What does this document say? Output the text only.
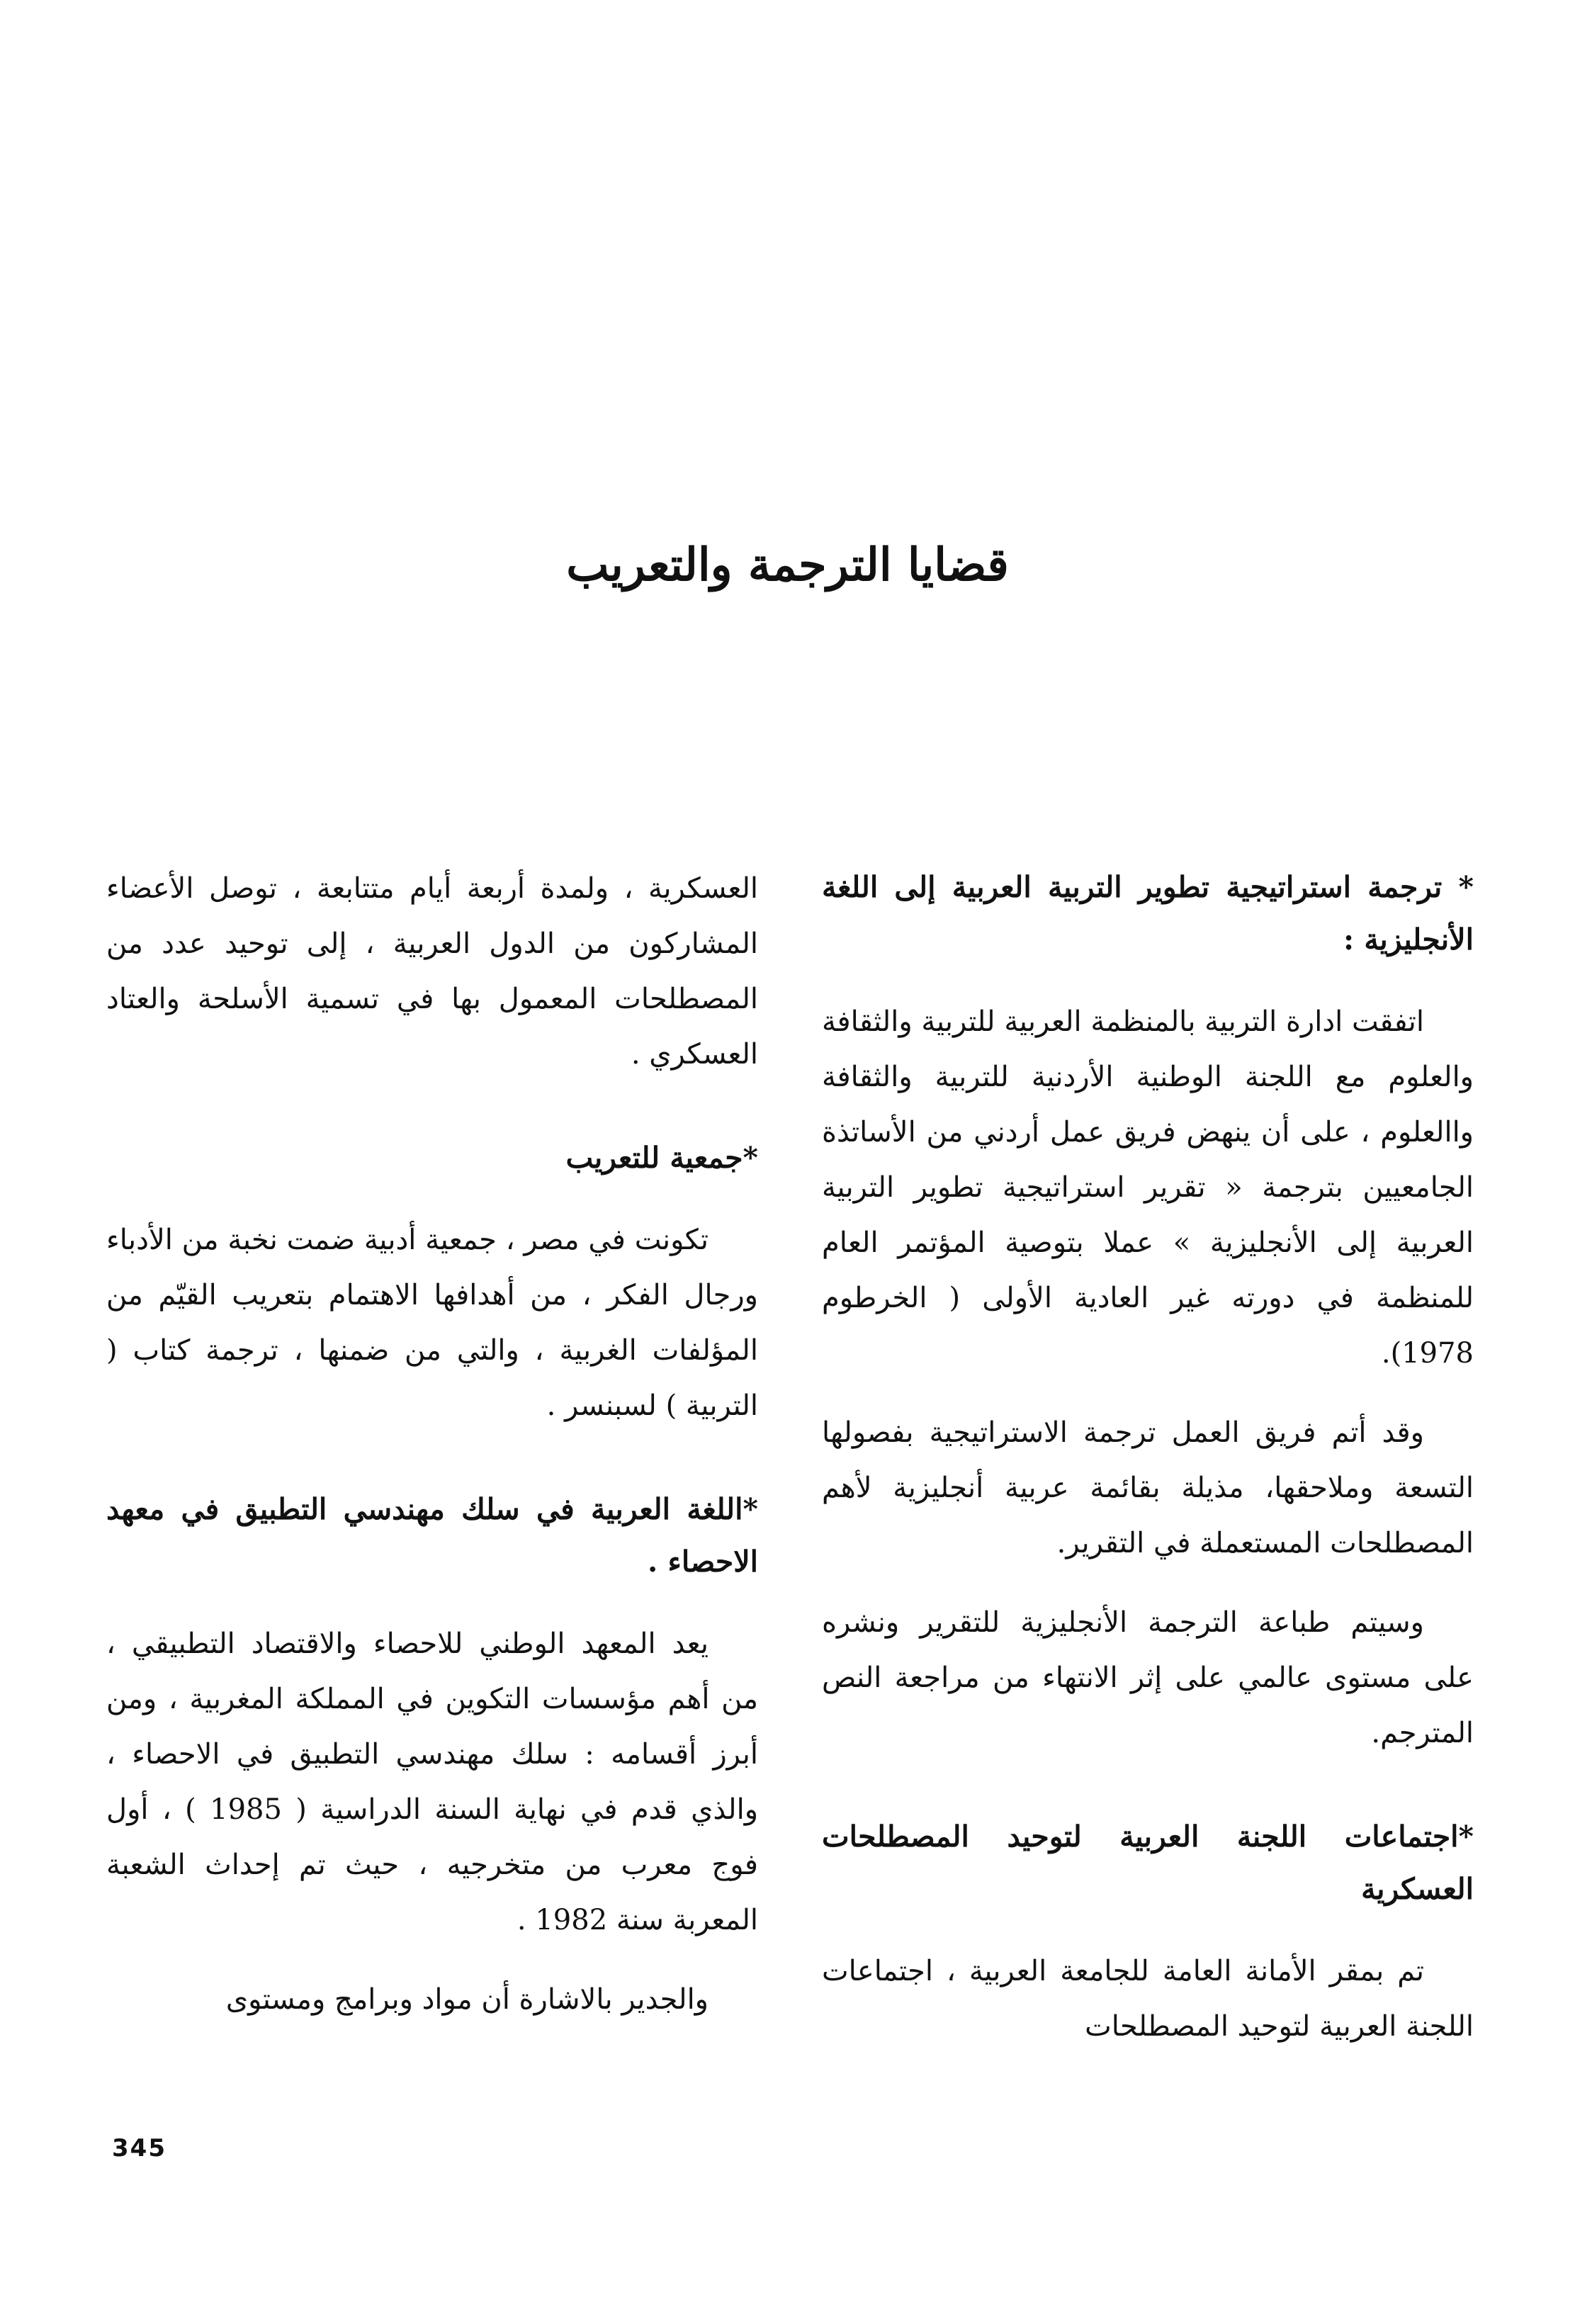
قضايا الترجمة والتعريب
* ترجمة استراتيجية تطوير التربية العربية إلى اللغة الأنجليزية :

اتفقت ادارة التربية بالمنظمة العربية للتربية والثقافة والعلوم مع اللجنة الوطنية الأردنية للتربية والثقافة واالعلوم ، على أن ينهض فريق عمل أردني من الأساتذة الجامعيين بترجمة « تقرير استراتيجية تطوير التربية العربية إلى الأنجليزية » عملا بتوصية المؤتمر العام للمنظمة في دورته غير العادية الأولى ( الخرطوم 1978).

وقد أتم فريق العمل ترجمة الاستراتيجية بفصولها التسعة وملاحقها، مذيلة بقائمة عربية أنجليزية لأهم المصطلحات المستعملة في التقرير.

وسيتم طباعة الترجمة الأنجليزية للتقرير ونشره على مستوى عالمي على إثر الانتهاء من مراجعة النص المترجم.

*اجتماعات اللجنة العربية لتوحيد المصطلحات العسكرية

تم بمقر الأمانة العامة للجامعة العربية ، اجتماعات اللجنة العربية لتوحيد المصطلحات

العسكرية ، ولمدة أربعة أيام متتابعة ، توصل الأعضاء المشاركون من الدول العربية ، إلى توحيد عدد من المصطلحات المعمول بها في تسمية الأسلحة والعتاد العسكري .

*جمعية للتعريب

تكونت في مصر ، جمعية أدبية ضمت نخبة من الأدباء ورجال الفكر ، من أهدافها الاهتمام بتعريب القيّم من المؤلفات الغربية ، والتي من ضمنها ، ترجمة كتاب ( التربية ) لسبنسر .

*اللغة العربية في سلك مهندسي التطبيق في معهد الاحصاء .

يعد المعهد الوطني للاحصاء والاقتصاد التطبيقي ، من أهم مؤسسات التكوين في المملكة المغربية ، ومن أبرز أقسامه : سلك مهندسي التطبيق في الاحصاء ، والذي قدم في نهاية السنة الدراسية ( 1985 ) ، أول فوج معرب من متخرجيه ، حيث تم إحداث الشعبة المعربة سنة 1982 .

والجدير بالاشارة أن مواد وبرامج ومستوى

345
